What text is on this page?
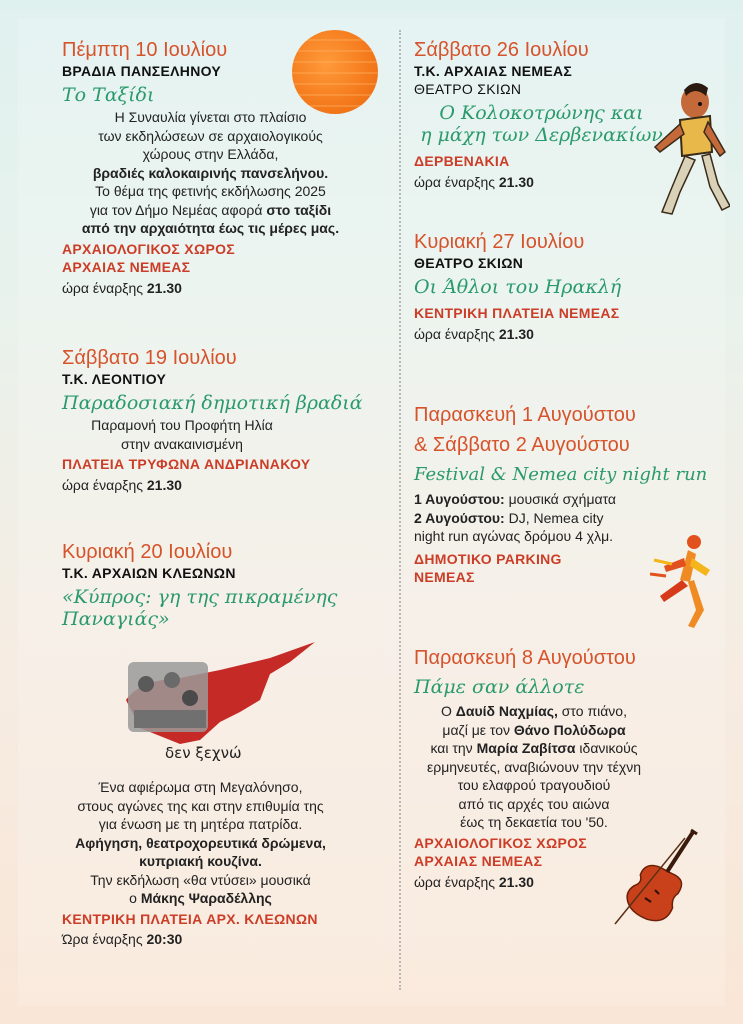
δεν ξεχνώ
Πέμπτη 10 Ιουλίου
ΒΡΑΔΙΑ ΠΑΝΣΕΛΗΝΟΥ
Το Ταξίδι
Η Συναυλία γίνεται στο πλαίσιο
των εκδηλώσεων σε αρχαιολογικούς
χώρους στην Ελλάδα,
βραδιές καλοκαιρινής πανσελήνου.
Το θέμα της φετινής εκδήλωσης 2025
για τον Δήμο Νεμέας αφορά στο ταξίδι
από την αρχαιότητα έως τις μέρες μας.
ΑΡΧΑΙΟΛΟΓΙΚΟΣ ΧΩΡΟΣ
ΑΡΧΑΙΑΣ ΝΕΜΕΑΣ
ώρα έναρξης 21.30
Σάββατο 19 Ιουλίου
Τ.Κ. ΛΕΟΝΤΙΟΥ
Παραδοσιακή δημοτική βραδιά
Παραμονή του Προφήτη Ηλία
στην ανακαινισμένη
ΠΛΑΤΕΙΑ ΤΡΥΦΩΝΑ ΑΝΔΡΙΑΝΑΚΟΥ
ώρα έναρξης 21.30
Κυριακή 20 Ιουλίου
Τ.Κ. ΑΡΧΑΙΩΝ ΚΛΕΩΝΩΝ
«Κύπρος: γη της πικραμένης
Παναγιάς»
Ένα αφιέρωμα στη Μεγαλόνησο,
στους αγώνες της και στην επιθυμία της
για ένωση με τη μητέρα πατρίδα.
Αφήγηση, θεατροχορευτικά δρώμενα,
κυπριακή κουζίνα.
Την εκδήλωση «θα ντύσει» μουσικά
ο Μάκης Ψαραδέλλης
ΚΕΝΤΡΙΚΗ ΠΛΑΤΕΙΑ ΑΡΧ. ΚΛΕΩΝΩΝ
Ώρα έναρξης 20:30
Σάββατο 26 Ιουλίου
Τ.Κ. ΑΡΧΑΙΑΣ ΝΕΜΕΑΣ
ΘΕΑΤΡΟ ΣΚΙΩΝ
Ο Κολοκοτρώνης και
η μάχη των Δερβενακίων
ΔΕΡΒΕΝΑΚΙΑ
ώρα έναρξης 21.30
Κυριακή 27 Ιουλίου
ΘΕΑΤΡΟ ΣΚΙΩΝ
Οι Άθλοι του Ηρακλή
ΚΕΝΤΡΙΚΗ ΠΛΑΤΕΙΑ ΝΕΜΕΑΣ
ώρα έναρξης 21.30
Παρασκευή 1 Αυγούστου
& Σάββατο 2 Αυγούστου
Festival & Nemea city night run
1 Αυγούστου: μουσικά σχήματα
2 Αυγούστου: DJ, Nemea city
night run αγώνας δρόμου 4 χλμ.
ΔΗΜΟΤΙΚΟ PARKING
ΝΕΜΕΑΣ
Παρασκευή 8 Αυγούστου
Πάμε σαν άλλοτε
Ο Δαυίδ Ναχμίας, στο πιάνο,
μαζί με τον Θάνο Πολύδωρα
και την Μαρία Ζαβίτσα ιδανικούς
ερμηνευτές, αναβιώνουν την τέχνη
του ελαφρού τραγουδιού
από τις αρχές του αιώνα
έως τη δεκαετία του '50.
ΑΡΧΑΙΟΛΟΓΙΚΟΣ ΧΩΡΟΣ
ΑΡΧΑΙΑΣ ΝΕΜΕΑΣ
ώρα έναρξης 21.30
